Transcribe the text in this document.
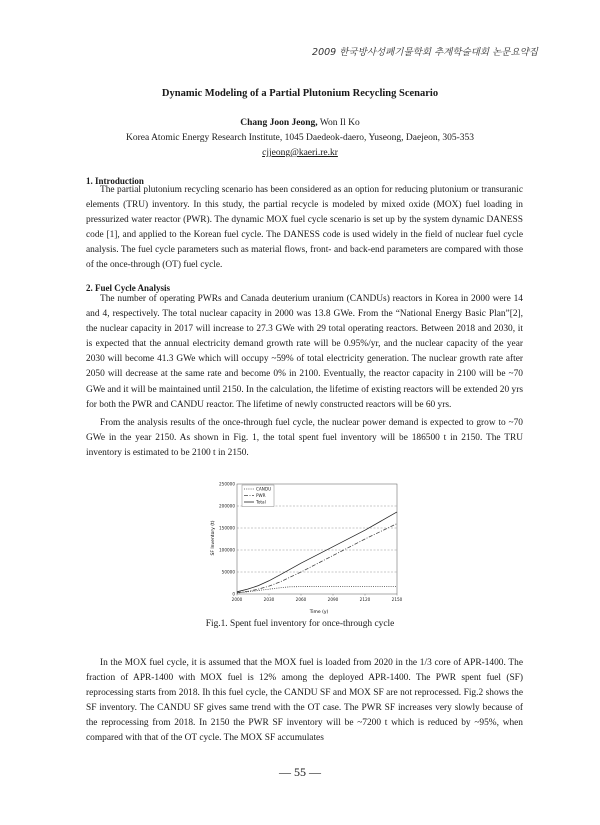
2009 한국방사성폐기물학회 추계학술대회 논문요약집
Dynamic Modeling of a Partial Plutonium Recycling Scenario
Chang Joon Jeong, Won Il Ko
Korea Atomic Energy Research Institute, 1045 Daedeok-daero, Yuseong, Daejeon, 305-353
cjjeong@kaeri.re.kr
1. Introduction

The partial plutonium recycling scenario has been considered as an option for reducing plutonium or transuranic elements (TRU) inventory. In this study, the partial recycle is modeled by mixed oxide (MOX) fuel loading in pressurized water reactor (PWR). The dynamic MOX fuel cycle scenario is set up by the system dynamic DANESS code [1], and applied to the Korean fuel cycle. The DANESS code is used widely in the field of nuclear fuel cycle analysis. The fuel cycle parameters such as material flows, front- and back-end parameters are compared with those of the once-through (OT) fuel cycle.

2. Fuel Cycle Analysis

The number of operating PWRs and Canada deuterium uranium (CANDUs) reactors in Korea in 2000 were 14 and 4, respectively. The total nuclear capacity in 2000 was 13.8 GWe. From the “National Energy Basic Plan”[2], the nuclear capacity in 2017 will increase to 27.3 GWe with 29 total operating reactors. Between 2018 and 2030, it is expected that the annual electricity demand growth rate will be 0.95%/yr, and the nuclear capacity of the year 2030 will become 41.3 GWe which will occupy ~59% of total electricity generation. The nuclear growth rate after 2050 will decrease at the same rate and become 0% in 2100. Eventually, the reactor capacity in 2100 will be ~70 GWe and it will be maintained until 2150. In the calculation, the lifetime of existing reactors will be extended 20 yrs for both the PWR and CANDU reactor. The lifetime of newly constructed reactors will be 60 yrs.

From the analysis results of the once-through fuel cycle, the nuclear power demand is expected to grow to ~70 GWe in the year 2150. As shown in Fig. 1, the total spent fuel inventory will be 186500 t in 2150. The TRU inventory is estimated to be 2100 t in 2150.

0
50000
100000
150000
200000
250000
2000	2030	2060	2090	2120	2150
CANDU
PWR
Total
Time (y)
SF Inventory (t)
Fig.1. Spent fuel inventory for once-through cycle

In the MOX fuel cycle, it is assumed that the MOX fuel is loaded from 2020 in the 1/3 core of APR-1400. The fraction of APR-1400 with MOX fuel is 12% among the deployed APR-1400. The PWR spent fuel (SF) reprocessing starts from 2018. Ih this fuel cycle, the CANDU SF and MOX SF are not reprocessed. Fig.2 shows the SF inventory. The CANDU SF gives same trend with the OT case. The PWR SF increases very slowly because of the reprocessing from 2018. In 2150 the PWR SF inventory will be ~7200 t which is reduced by ~95%, when compared with that of the OT cycle. The MOX SF accumulates

— 55 —
